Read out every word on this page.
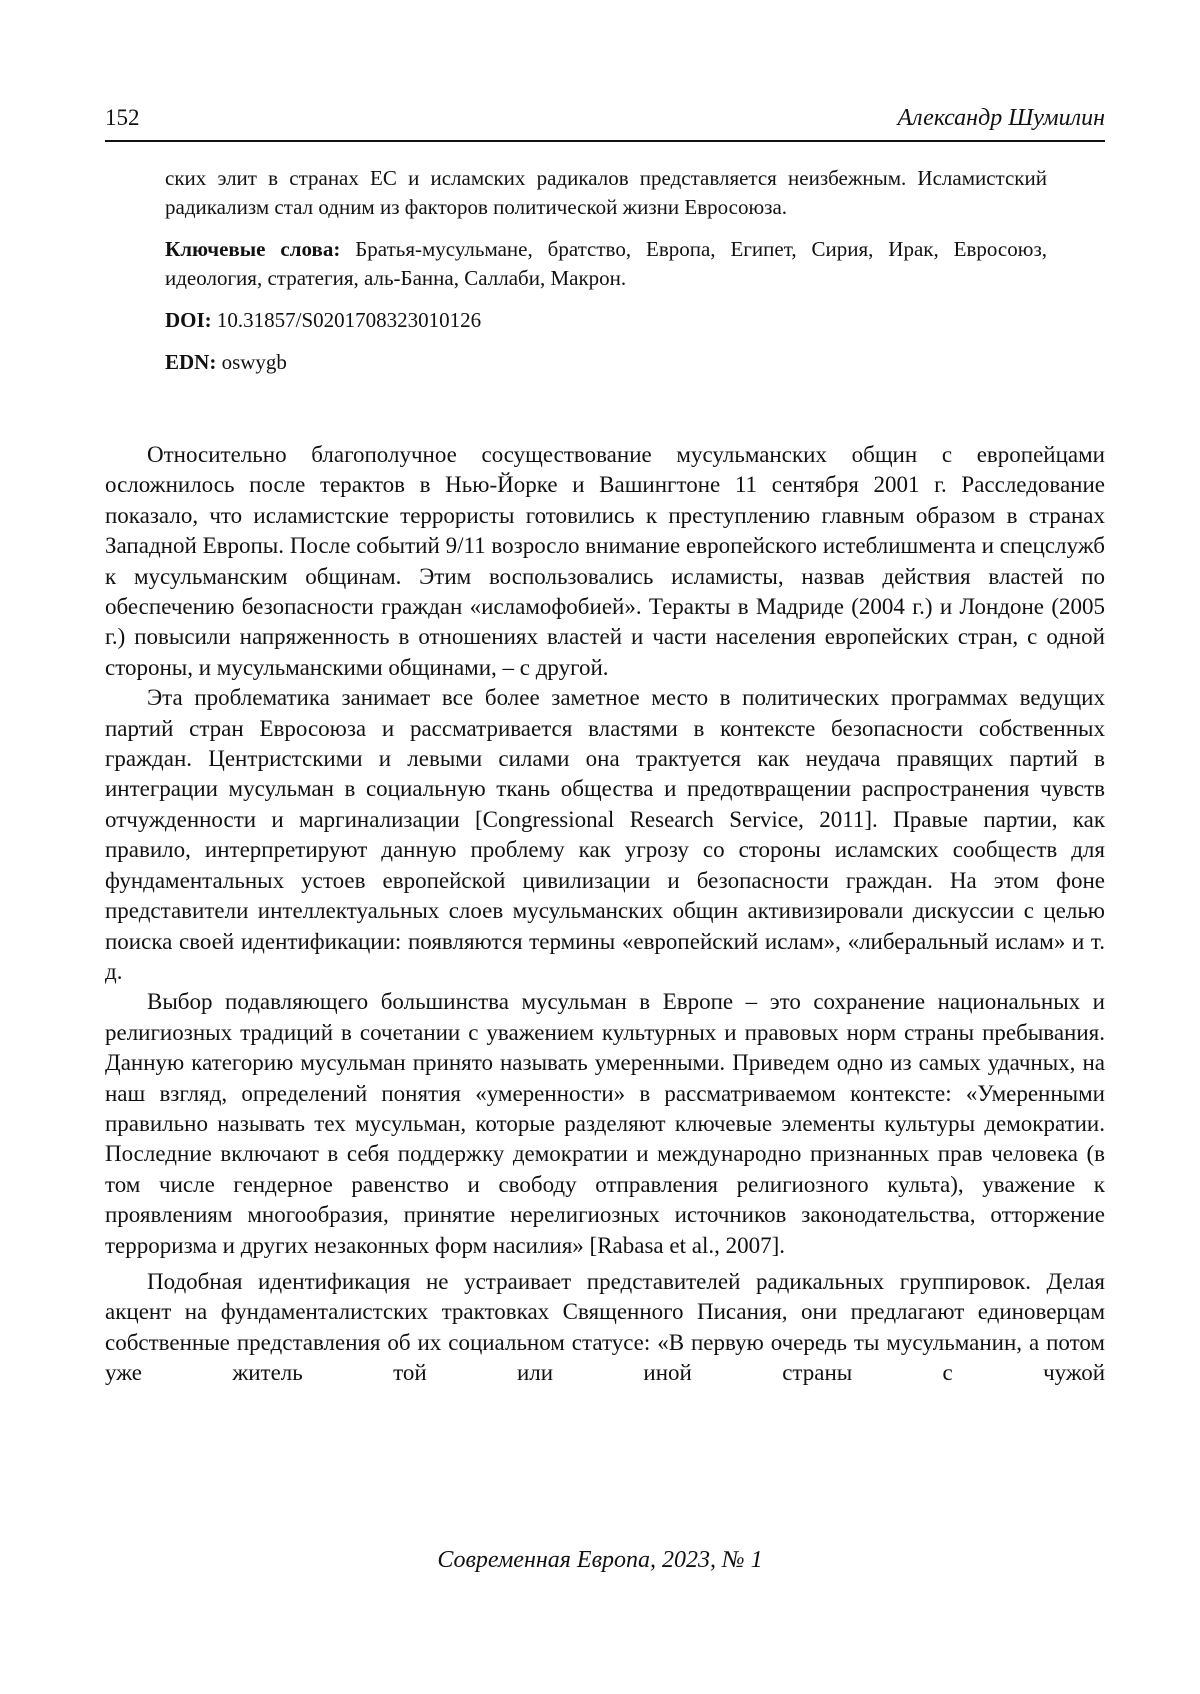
152	Александр Шумилин

ских элит в странах ЕС и исламских радикалов представляется неизбежным. Исламистский радикализм стал одним из факторов политической жизни Евросоюза.

Ключевые слова: Братья-мусульмане, братство, Европа, Египет, Сирия, Ирак, Евросоюз, идеология, стратегия, аль-Банна, Саллаби, Макрон.

DOI: 10.31857/S0201708323010126

EDN: oswygb

Относительно благополучное сосуществование мусульманских общин с европейцами осложнилось после терактов в Нью-Йорке и Вашингтоне 11 сентября 2001 г. Расследование показало, что исламистские террористы готовились к преступлению главным образом в странах Западной Европы. После событий 9/11 возросло внимание европейского истеблишмента и спецслужб к мусульманским общинам. Этим воспользовались исламисты, назвав действия властей по обеспечению безопасности граждан «исламофобией». Теракты в Мадриде (2004 г.) и Лондоне (2005 г.) повысили напряженность в отношениях властей и части населения европейских стран, с одной стороны, и мусульманскими общинами, – с другой.

Эта проблематика занимает все более заметное место в политических программах ведущих партий стран Евросоюза и рассматривается властями в контексте безопасности собственных граждан. Центристскими и левыми силами она трактуется как неудача правящих партий в интеграции мусульман в социальную ткань общества и предотвращении распространения чувств отчужденности и маргинализации [Congressional Research Service, 2011]. Правые партии, как правило, интерпретируют данную проблему как угрозу со стороны исламских сообществ для фундаментальных устоев европейской цивилизации и безопасности граждан. На этом фоне представители интеллектуальных слоев мусульманских общин активизировали дискуссии с целью поиска своей идентификации: появляются термины «европейский ислам», «либеральный ислам» и т. д.

Выбор подавляющего большинства мусульман в Европе – это сохранение национальных и религиозных традиций в сочетании с уважением культурных и правовых норм страны пребывания. Данную категорию мусульман принято называть умеренными. Приведем одно из самых удачных, на наш взгляд, определений понятия «умеренности» в рассматриваемом контексте: «Умеренными правильно называть тех мусульман, которые разделяют ключевые элементы культуры демократии. Последние включают в себя поддержку демократии и международно признанных прав человека (в том числе гендерное равенство и свободу отправления религиозного культа), уважение к проявлениям многообразия, принятие нерелигиозных источников законодательства, отторжение терроризма и других незаконных форм насилия» [Rabasa et al., 2007].

Подобная идентификация не устраивает представителей радикальных группировок. Делая акцент на фундаменталистских трактовках Священного Писания, они предлагают единоверцам собственные представления об их социальном статусе: «В первую очередь ты мусульманин, а потом уже житель той или иной страны с чужой

Современная Европа, 2023, № 1
